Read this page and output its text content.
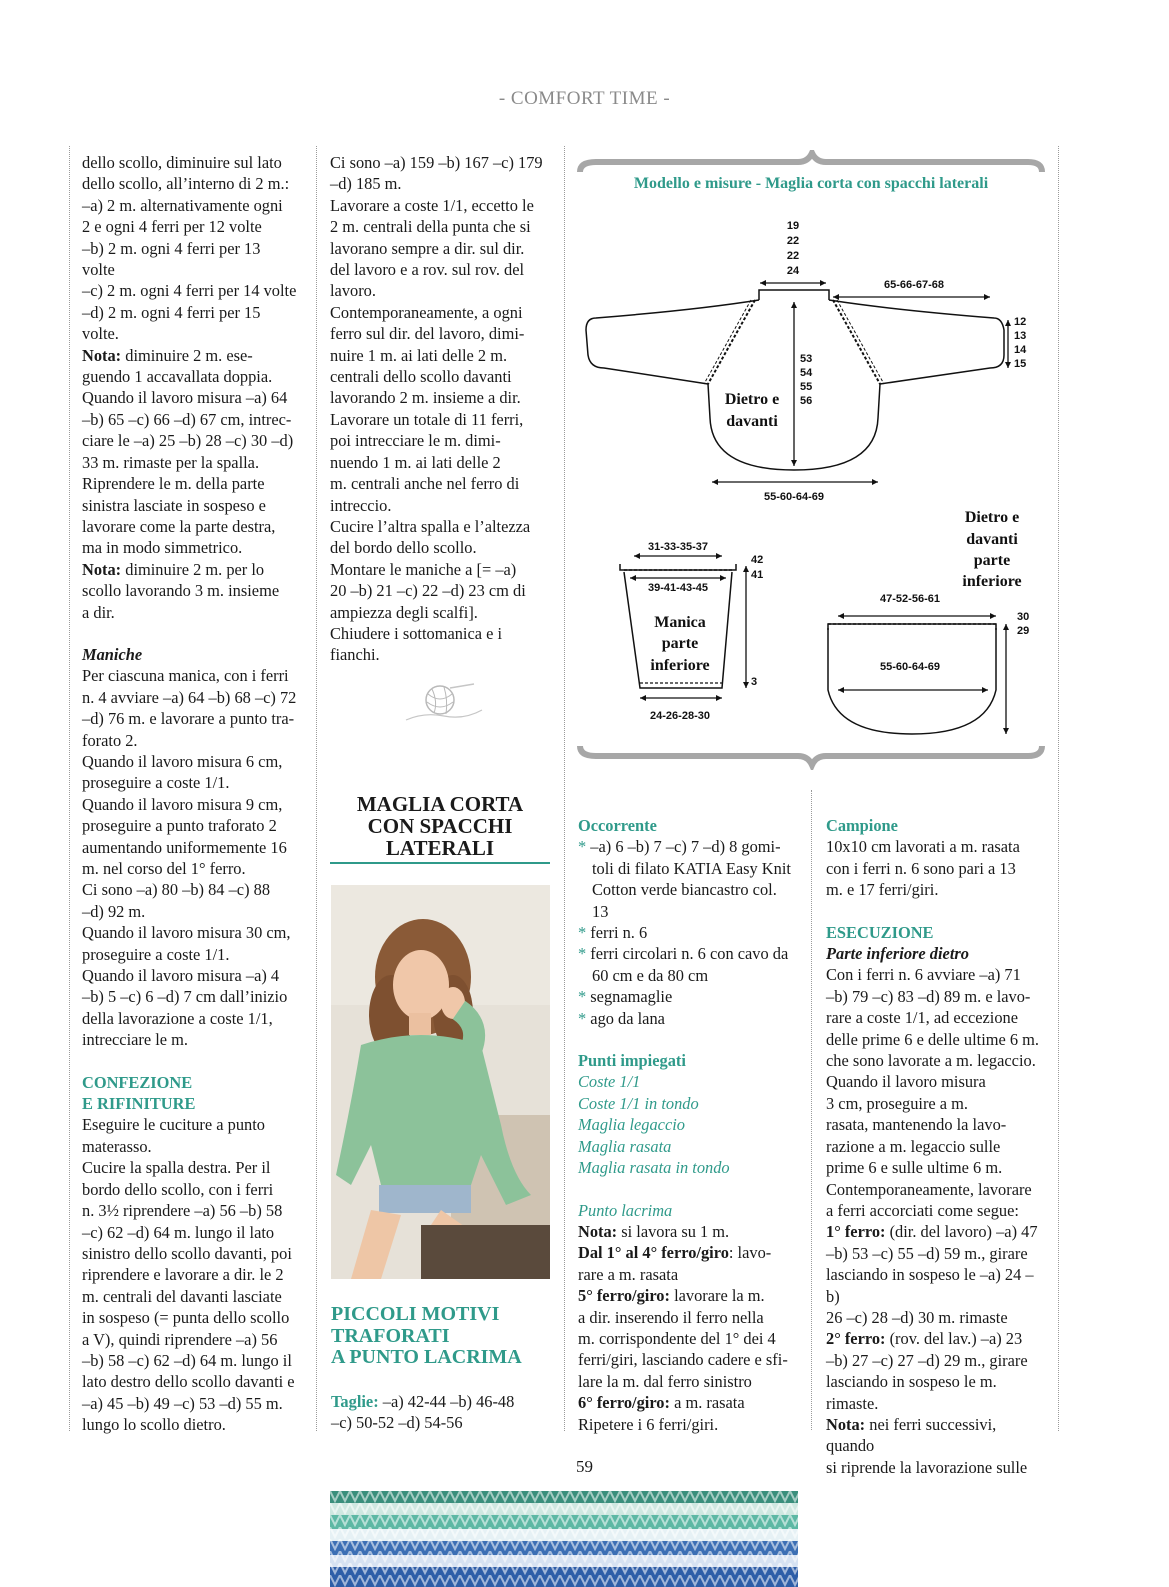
- COMFORT TIME -

dello scollo, diminuire sul lato

dello scollo, all’interno di 2 m.:

–a) 2 m. alternativamente ogni

2 e ogni 4 ferri per 12 volte

–b) 2 m. ogni 4 ferri per 13

volte

–c) 2 m. ogni 4 ferri per 14 volte

–d) 2 m. ogni 4 ferri per 15

volte.

Nota: diminuire 2 m. ese-

guendo 1 accavallata doppia.

Quando il lavoro misura –a) 64

–b) 65 –c) 66 –d) 67 cm, intrec-

ciare le –a) 25 –b) 28 –c) 30 –d)

33 m. rimaste per la spalla.

Riprendere le m. della parte

sinistra lasciate in sospeso e

lavorare come la parte destra,

ma in modo simmetrico.

Nota: diminuire 2 m. per lo

scollo lavorando 3 m. insieme

a dir.

Maniche

Per ciascuna manica, con i ferri

n. 4 avviare –a) 64 –b) 68 –c) 72

–d) 76 m. e lavorare a punto tra-

forato 2.

Quando il lavoro misura 6 cm,

proseguire a coste 1/1.

Quando il lavoro misura 9 cm,

proseguire a punto traforato 2

aumentando uniformemente 16

m. nel corso del 1° ferro.

Ci sono –a) 80 –b) 84 –c) 88

–d) 92 m.

Quando il lavoro misura 30 cm,

proseguire a coste 1/1.

Quando il lavoro misura –a) 4

–b) 5 –c) 6 –d) 7 cm dall’inizio

della lavorazione a coste 1/1,

intrecciare le m.

CONFEZIONE

E RIFINITURE

Eseguire le cuciture a punto

materasso.

Cucire la spalla destra. Per il

bordo dello scollo, con i ferri

n. 3½ riprendere –a) 56 –b) 58

–c) 62 –d) 64 m. lungo il lato

sinistro dello scollo davanti, poi

riprendere e lavorare a dir. le 2

m. centrali del davanti lasciate

in sospeso (= punta dello scollo

a V), quindi riprendere –a) 56

–b) 58 –c) 62 –d) 64 m. lungo il

lato destro dello scollo davanti e

–a) 45 –b) 49 –c) 53 –d) 55 m.

lungo lo scollo dietro.

Ci sono –a) 159 –b) 167 –c) 179

–d) 185 m.

Lavorare a coste 1/1, eccetto le

2 m. centrali della punta che si

lavorano sempre a dir. sul dir.

del lavoro e a rov. sul rov. del

lavoro.

Contemporaneamente, a ogni

ferro sul dir. del lavoro, dimi-

nuire 1 m. ai lati delle 2 m.

centrali dello scollo davanti

lavorando 2 m. insieme a dir.

Lavorare un totale di 11 ferri,

poi intrecciare le m. dimi-

nuendo 1 m. ai lati delle 2

m. centrali anche nel ferro di

intreccio.

Cucire l’altra spalla e l’altezza

del bordo dello scollo.

Montare le maniche a [= –a)

20 –b) 21 –c) 22 –d) 23 cm di

ampiezza degli scalfi].

Chiudere i sottomanica e i

fianchi.

MAGLIA CORTA
CON SPACCHI
LATERALI
PICCOLI MOTIVI
TRAFORATI
A PUNTO LACRIMA

Taglie: –a) 42-44 –b) 46-48

–c) 50-52 –d) 54-56

Modello e misure - Maglia corta con spacchi laterali
19
22
22
24
53
54
55
56
Dietro e
davanti
65-66-67-68
12
13
14
15
55-60-64-69
Dietro e
davanti
parte
inferiore
31-33-35-37
39-41-43-45
Manica
parte
inferiore
42
41
3
24-26-28-30
47-52-56-61
55-60-64-69
30
29

Occorrente

* –a) 6 –b) 7 –c) 7 –d) 8 gomi-

toli di filato KATIA Easy Knit

Cotton verde biancastro col.

13

* ferri n. 6

* ferri circolari n. 6 con cavo da

60 cm e da 80 cm

* segnamaglie

* ago da lana

Punti impiegati

Coste 1/1

Coste 1/1 in tondo

Maglia legaccio

Maglia rasata

Maglia rasata in tondo

Punto lacrima

Nota: si lavora su 1 m.

Dal 1° al 4° ferro/giro: lavo-

rare a m. rasata

5° ferro/giro: lavorare la m.

a dir. inserendo il ferro nella

m. corrispondente del 1° dei 4

ferri/giri, lasciando cadere e sfi-

lare la m. dal ferro sinistro

6° ferro/giro: a m. rasata

Ripetere i 6 ferri/giri.

Campione

10x10 cm lavorati a m. rasata

con i ferri n. 6 sono pari a 13

m. e 17 ferri/giri.

ESECUZIONE

Parte inferiore dietro

Con i ferri n. 6 avviare –a) 71

–b) 79 –c) 83 –d) 89 m. e lavo-

rare a coste 1/1, ad eccezione

delle prime 6 e delle ultime 6 m.

che sono lavorate a m. legaccio.

Quando il lavoro misura

3 cm, proseguire a m.

rasata, mantenendo la lavo-

razione a m. legaccio sulle

prime 6 e sulle ultime 6 m.

Contemporaneamente, lavorare

a ferri accorciati come segue:

1° ferro: (dir. del lavoro) –a) 47

–b) 53 –c) 55 –d) 59 m., girare

lasciando in sospeso le –a) 24 –b)

26 –c) 28 –d) 30 m. rimaste

2° ferro: (rov. del lav.) –a) 23

–b) 27 –c) 27 –d) 29 m., girare

lasciando in sospeso le m.

rimaste.

Nota: nei ferri successivi, quando

si riprende la lavorazione sulle

59
